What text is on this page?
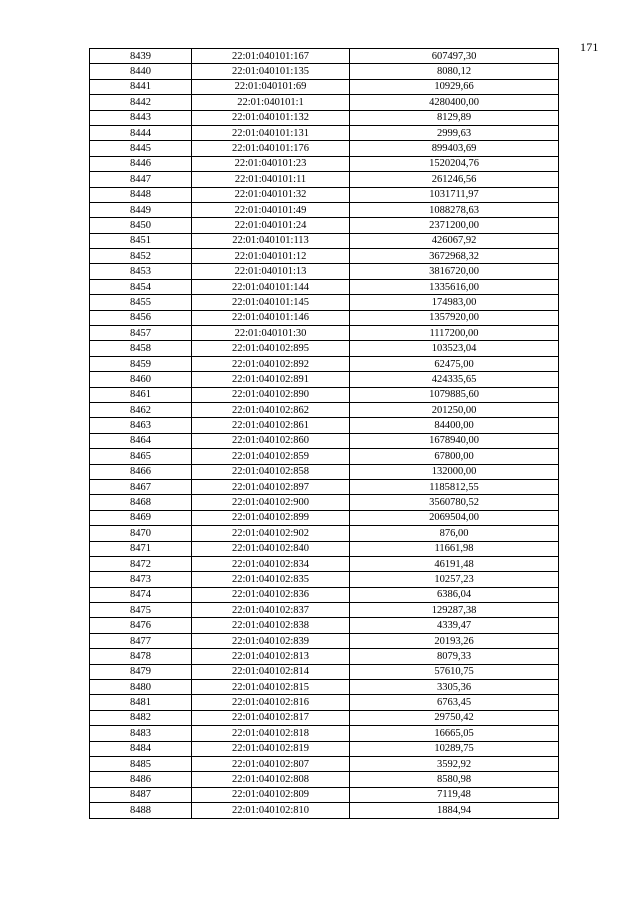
171
8439	22:01:040101:167	607497,30
8440	22:01:040101:135	8080,12
8441	22:01:040101:69	10929,66
8442	22:01:040101:1	4280400,00
8443	22:01:040101:132	8129,89
8444	22:01:040101:131	2999,63
8445	22:01:040101:176	899403,69
8446	22:01:040101:23	1520204,76
8447	22:01:040101:11	261246,56
8448	22:01:040101:32	1031711,97
8449	22:01:040101:49	1088278,63
8450	22:01:040101:24	2371200,00
8451	22:01:040101:113	426067,92
8452	22:01:040101:12	3672968,32
8453	22:01:040101:13	3816720,00
8454	22:01:040101:144	1335616,00
8455	22:01:040101:145	174983,00
8456	22:01:040101:146	1357920,00
8457	22:01:040101:30	1117200,00
8458	22:01:040102:895	103523,04
8459	22:01:040102:892	62475,00
8460	22:01:040102:891	424335,65
8461	22:01:040102:890	1079885,60
8462	22:01:040102:862	201250,00
8463	22:01:040102:861	84400,00
8464	22:01:040102:860	1678940,00
8465	22:01:040102:859	67800,00
8466	22:01:040102:858	132000,00
8467	22:01:040102:897	1185812,55
8468	22:01:040102:900	3560780,52
8469	22:01:040102:899	2069504,00
8470	22:01:040102:902	876,00
8471	22:01:040102:840	11661,98
8472	22:01:040102:834	46191,48
8473	22:01:040102:835	10257,23
8474	22:01:040102:836	6386,04
8475	22:01:040102:837	129287,38
8476	22:01:040102:838	4339,47
8477	22:01:040102:839	20193,26
8478	22:01:040102:813	8079,33
8479	22:01:040102:814	57610,75
8480	22:01:040102:815	3305,36
8481	22:01:040102:816	6763,45
8482	22:01:040102:817	29750,42
8483	22:01:040102:818	16665,05
8484	22:01:040102:819	10289,75
8485	22:01:040102:807	3592,92
8486	22:01:040102:808	8580,98
8487	22:01:040102:809	7119,48
8488	22:01:040102:810	1884,94
